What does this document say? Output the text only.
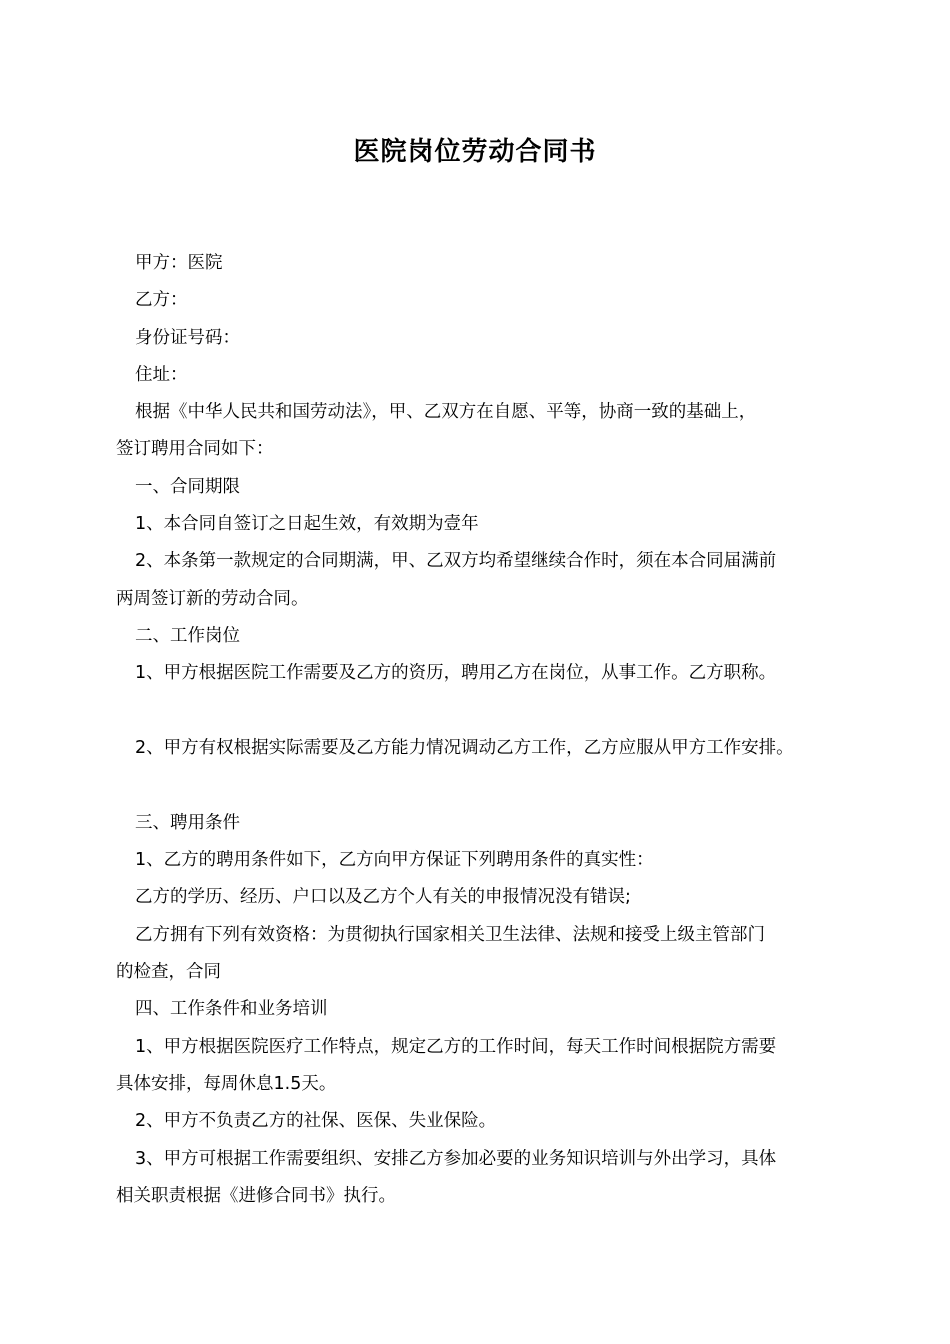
医院岗位劳动合同书

甲方：医院

乙方：

身份证号码：

住址：

根据《中华人民共和国劳动法》，甲、乙双方在自愿、平等，协商一致的基础上，

签订聘用合同如下：

一、合同期限

1、本合同自签订之日起生效，有效期为壹年

2、本条第一款规定的合同期满，甲、乙双方均希望继续合作时，须在本合同届满前

两周签订新的劳动合同。

二、工作岗位

1、甲方根据医院工作需要及乙方的资历，聘用乙方在岗位，从事工作。乙方职称。

2、甲方有权根据实际需要及乙方能力情况调动乙方工作，乙方应服从甲方工作安排。

三、聘用条件

1、乙方的聘用条件如下，乙方向甲方保证下列聘用条件的真实性：

乙方的学历、经历、户口以及乙方个人有关的申报情况没有错误;

乙方拥有下列有效资格：为贯彻执行国家相关卫生法律、法规和接受上级主管部门

的检查，合同

四、工作条件和业务培训

1、甲方根据医院医疗工作特点，规定乙方的工作时间，每天工作时间根据院方需要

具体安排，每周休息1.5天。

2、甲方不负责乙方的社保、医保、失业保险。

3、甲方可根据工作需要组织、安排乙方参加必要的业务知识培训与外出学习，具体

相关职责根据《进修合同书》执行。
